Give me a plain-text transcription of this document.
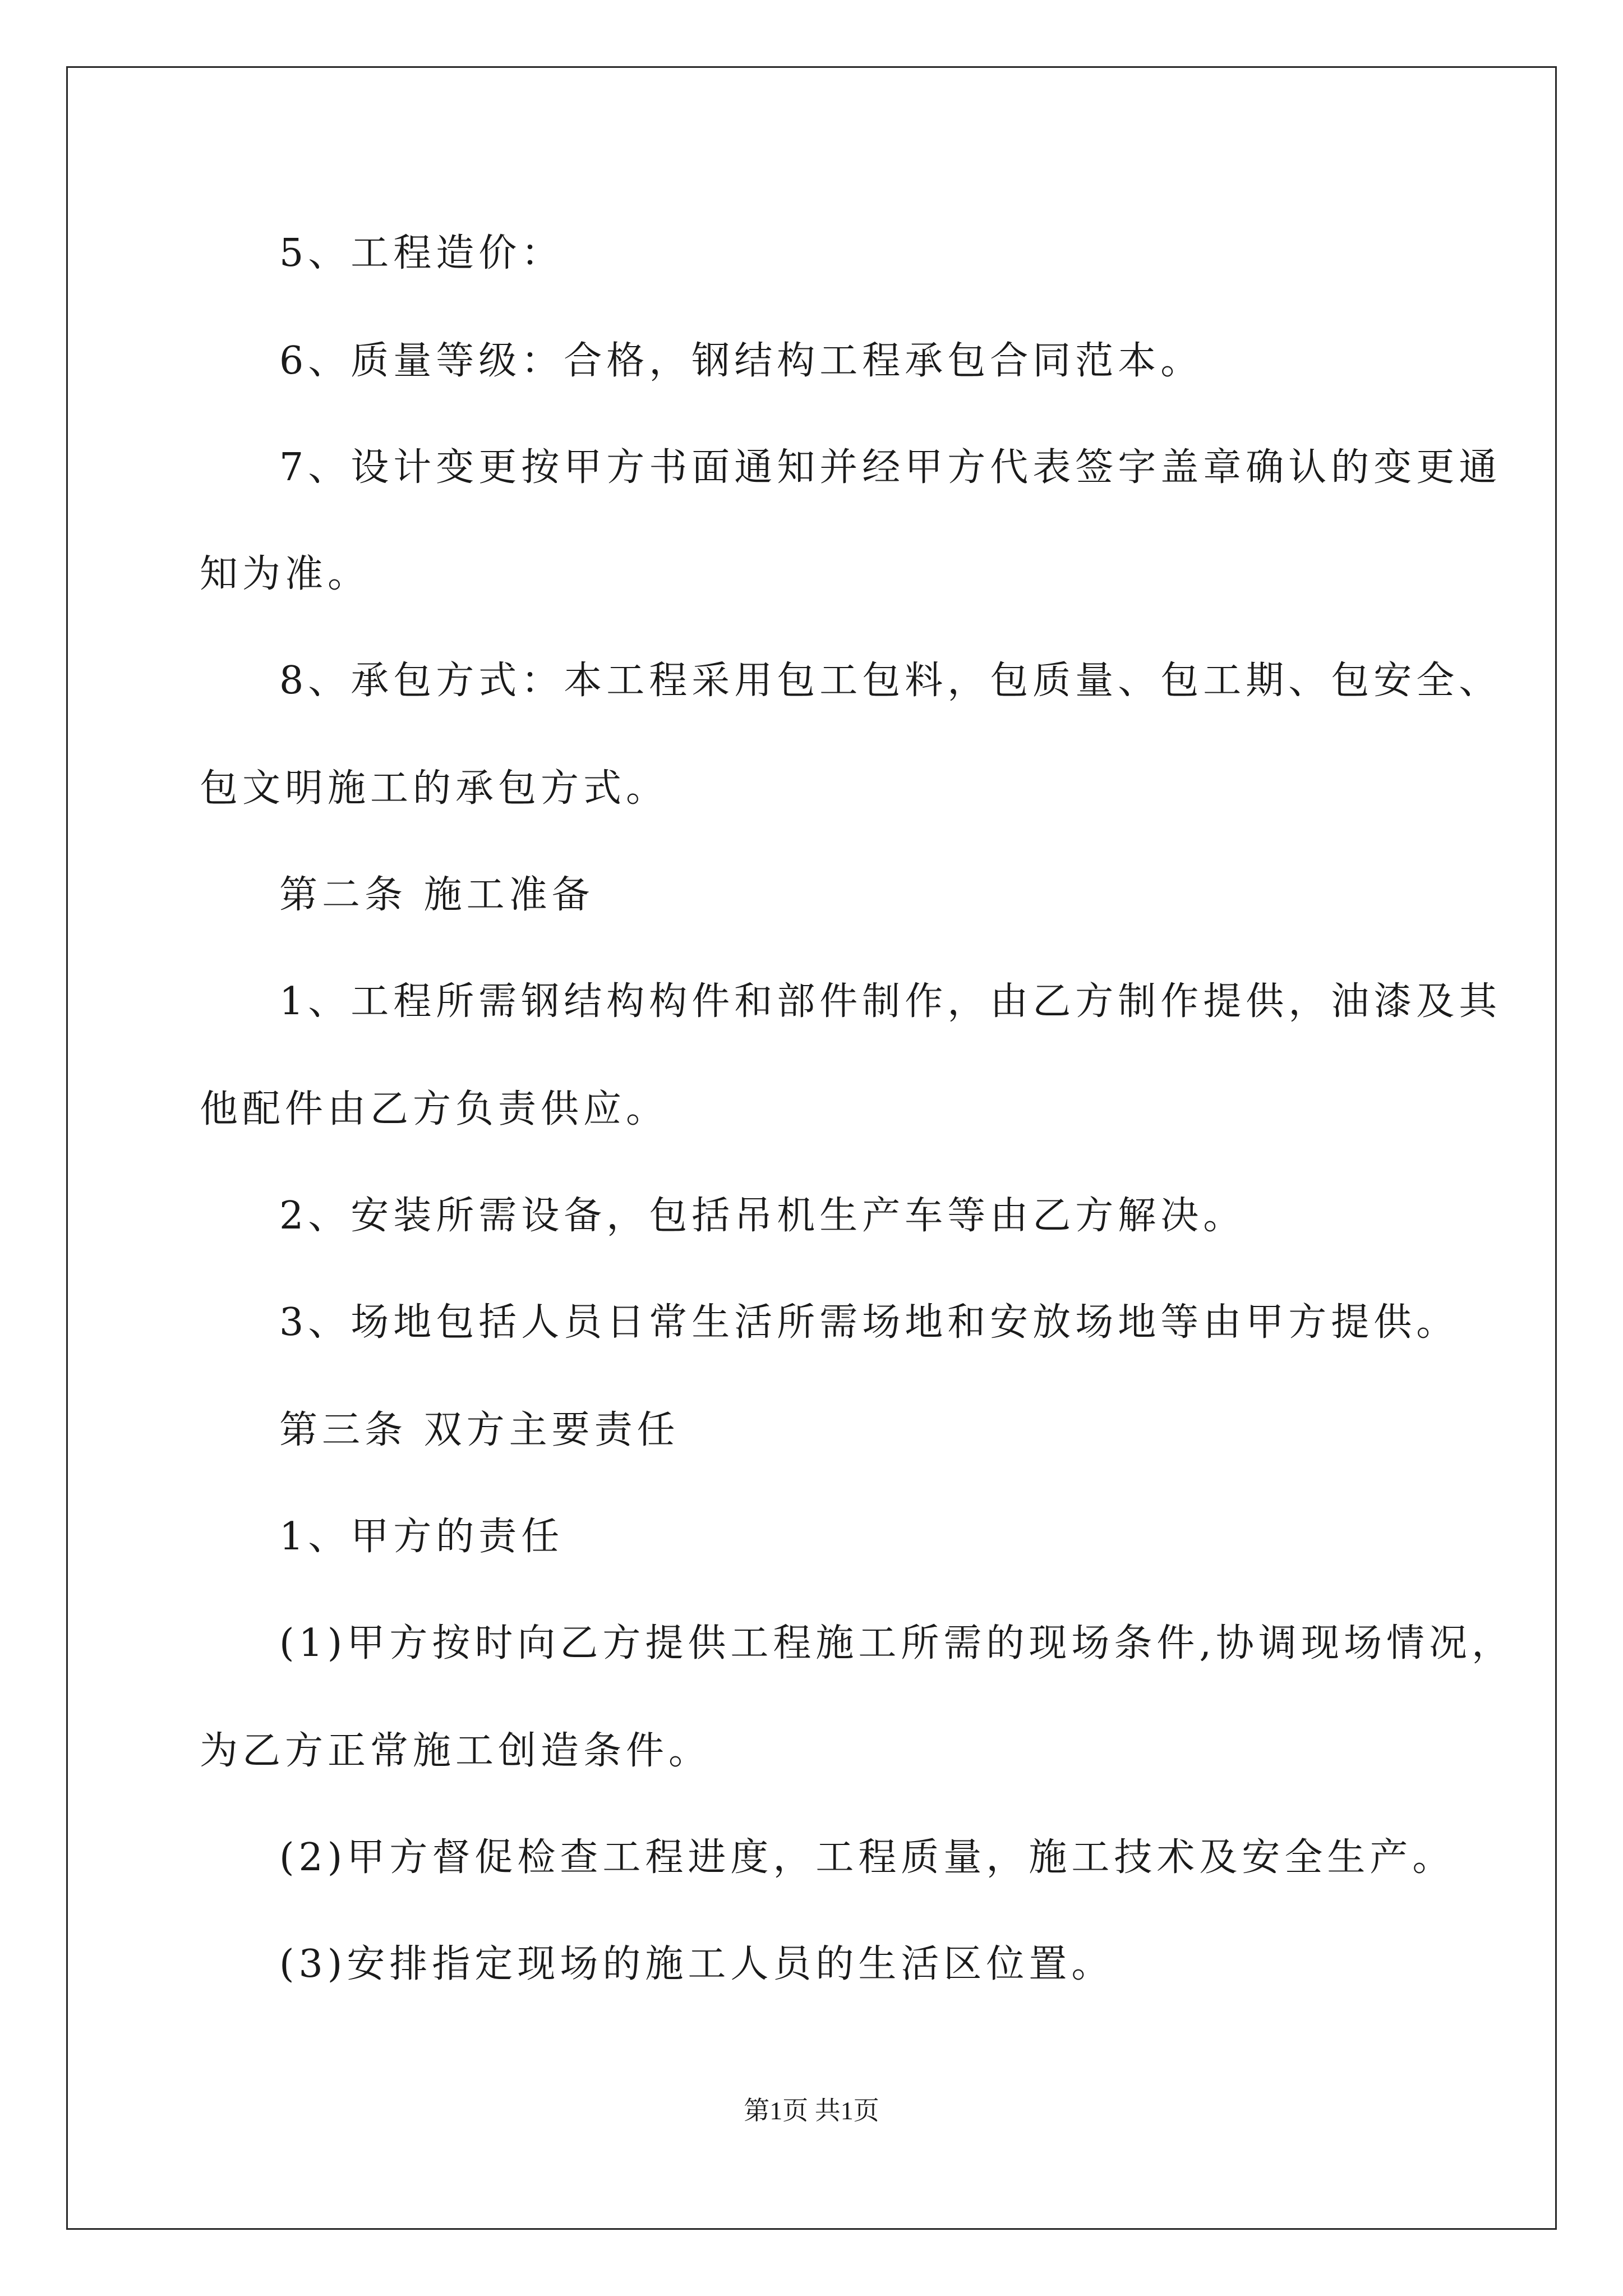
5、工程造价：
6、质量等级：合格，钢结构工程承包合同范本。
7、设计变更按甲方书面通知并经甲方代表签字盖章确认的变更通
知为准。
8、承包方式：本工程采用包工包料，包质量、包工期、包安全、
包文明施工的承包方式。
第二条 施工准备
1、工程所需钢结构构件和部件制作，由乙方制作提供，油漆及其
他配件由乙方负责供应。
2、安装所需设备，包括吊机生产车等由乙方解决。
3、场地包括人员日常生活所需场地和安放场地等由甲方提供。
第三条 双方主要责任
1、甲方的责任
(1)甲方按时向乙方提供工程施工所需的现场条件,协调现场情况，
为乙方正常施工创造条件。
(2)甲方督促检查工程进度，工程质量，施工技术及安全生产。
(3)安排指定现场的施工人员的生活区位置。
第1页 共1页
